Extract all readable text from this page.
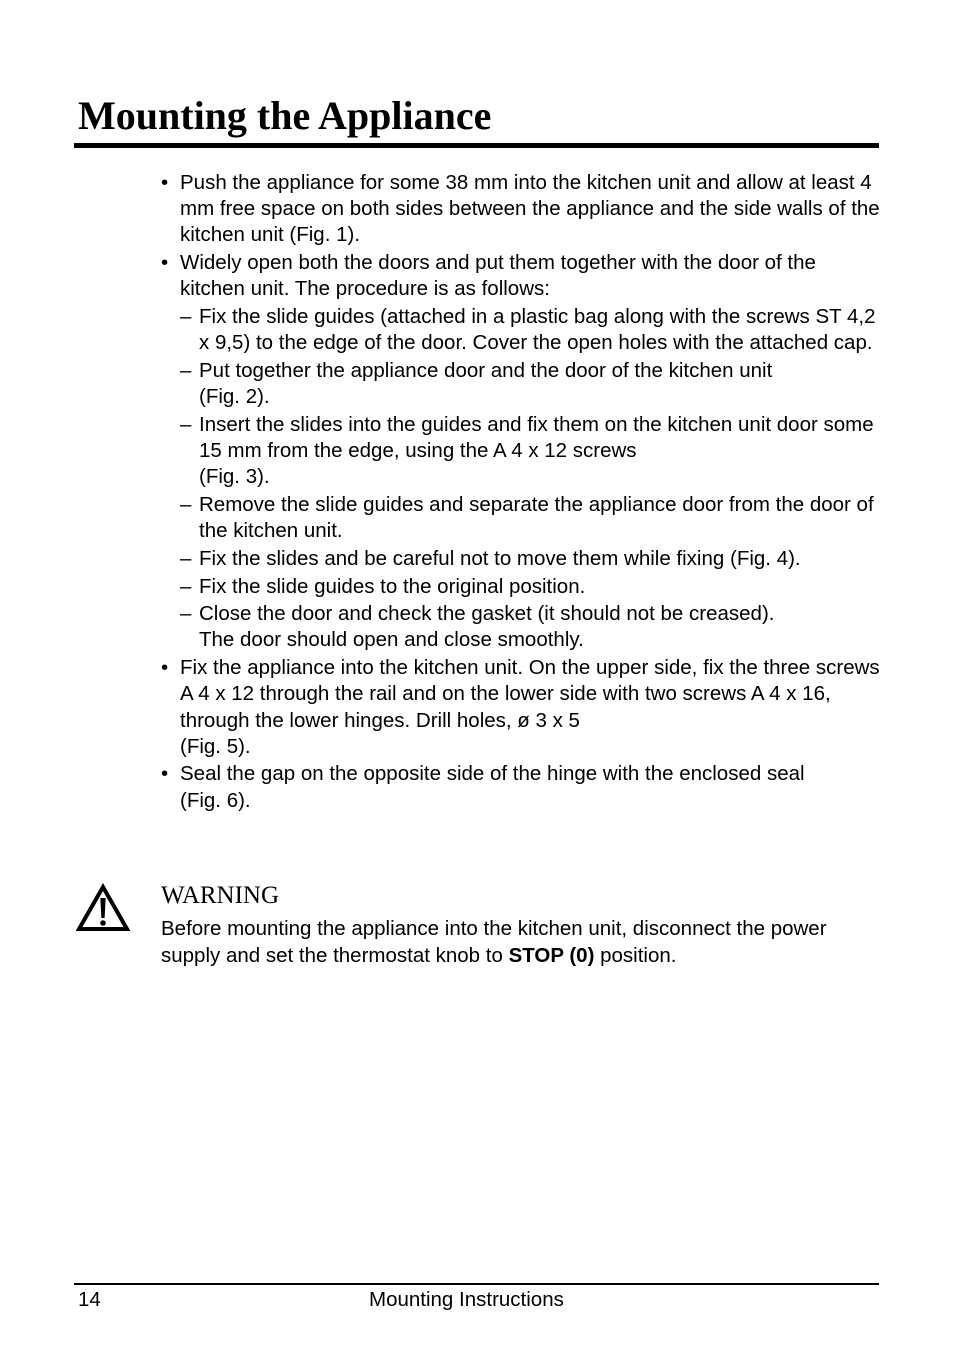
Mounting the Appliance
• Push the appliance for some 38 mm into the kitchen unit and allow at least 4 mm free space on both sides between the appliance and the side walls of the kitchen unit (Fig. 1).
• Widely open both the doors and put them together with the door of the kitchen unit. The procedure is as follows:
– Fix the slide guides (attached in a plastic bag along with the screws ST 4,2 x 9,5) to the edge of the door. Cover the open holes with the attached cap.
– Put together the appliance door and the door of the kitchen unit
(Fig. 2).
– Insert the slides into the guides and fix them on the kitchen unit door some 15 mm from the edge, using the A 4 x 12 screws
(Fig. 3).
– Remove the slide guides and separate the appliance door from the door of the kitchen unit.
– Fix the slides and be careful not to move them while fixing (Fig. 4).
– Fix the slide guides to the original position.
– Close the door and check the gasket (it should not be creased).
The door should open and close smoothly.
• Fix the appliance into the kitchen unit. On the upper side, fix the three screws A 4 x 12 through the rail and on the lower side with two screws A 4 x 16, through the lower hinges. Drill holes, ø 3 x 5
(Fig. 5).
• Seal the gap on the opposite side of the hinge with the enclosed seal
(Fig. 6).
WARNING
Before mounting the appliance into the kitchen unit, disconnect the power supply and set the thermostat knob to STOP (0) position.
14	Mounting Instructions
